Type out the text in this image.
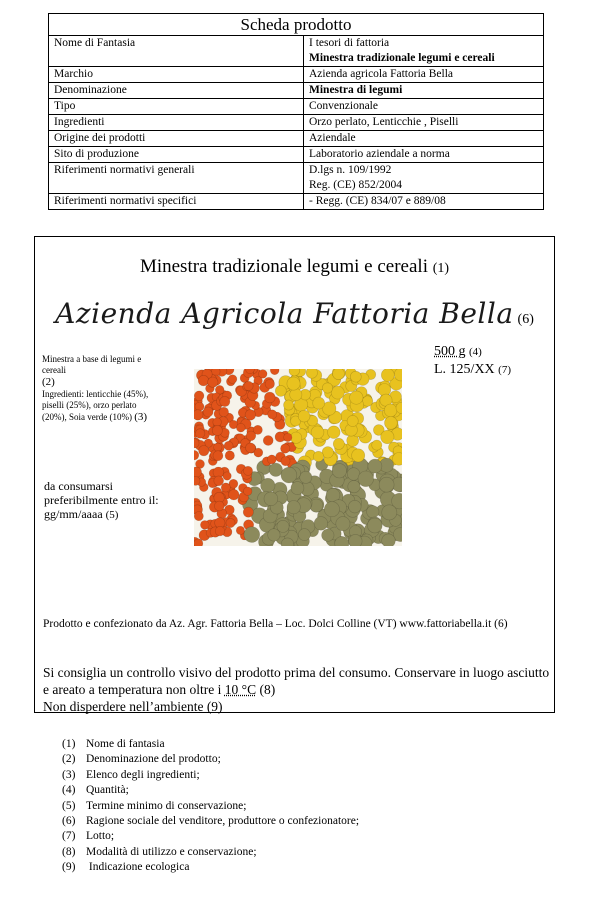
Scheda prodotto	
Nome di Fantasia	I tesori di fattoria
Minestra tradizionale legumi e cereali

Marchio	Azienda agricola Fattoria Bella
Denominazione	Minestra di legumi
Tipo	Convenzionale
Ingredienti	Orzo perlato, Lenticchie , Piselli
Origine dei prodotti	Aziendale
Sito di produzione	Laboratorio aziendale a norma
Riferimenti normativi generali	D.lgs n. 109/1992
Reg. (CE) 852/2004

Riferimenti normativi specifici	- Regg. (CE) 834/07 e 889/08
Minestra tradizionale legumi e cereali (1)
Azienda Agricola Fattoria Bella (6)
Minestra a base di legumi e cereali
(2)
Ingredienti: lenticchie (45%), piselli (25%), orzo perlato (20%), Soia verde (10%) (3)
da consumarsi preferibilmente entro il:
gg/mm/aaaa (5)
500 g (4)
L. 125/XX (7)
Prodotto e confezionato da Az. Agr. Fattoria Bella – Loc. Dolci Colline (VT) www.fattoriabella.it (6)
Si consiglia un controllo visivo del prodotto prima del consumo. Conservare in luogo asciutto e areato a temperatura non oltre i 10 °C (8)
Non disperdere nell’ambiente (9)
(1) Nome di fantasia
(2) Denominazione del prodotto;
(3) Elenco degli ingredienti;
(4) Quantità;
(5) Termine minimo di conservazione;
(6) Ragione sociale del venditore, produttore o confezionatore;
(7) Lotto;
(8) Modalità di utilizzo e conservazione;
(9) Indicazione ecologica
